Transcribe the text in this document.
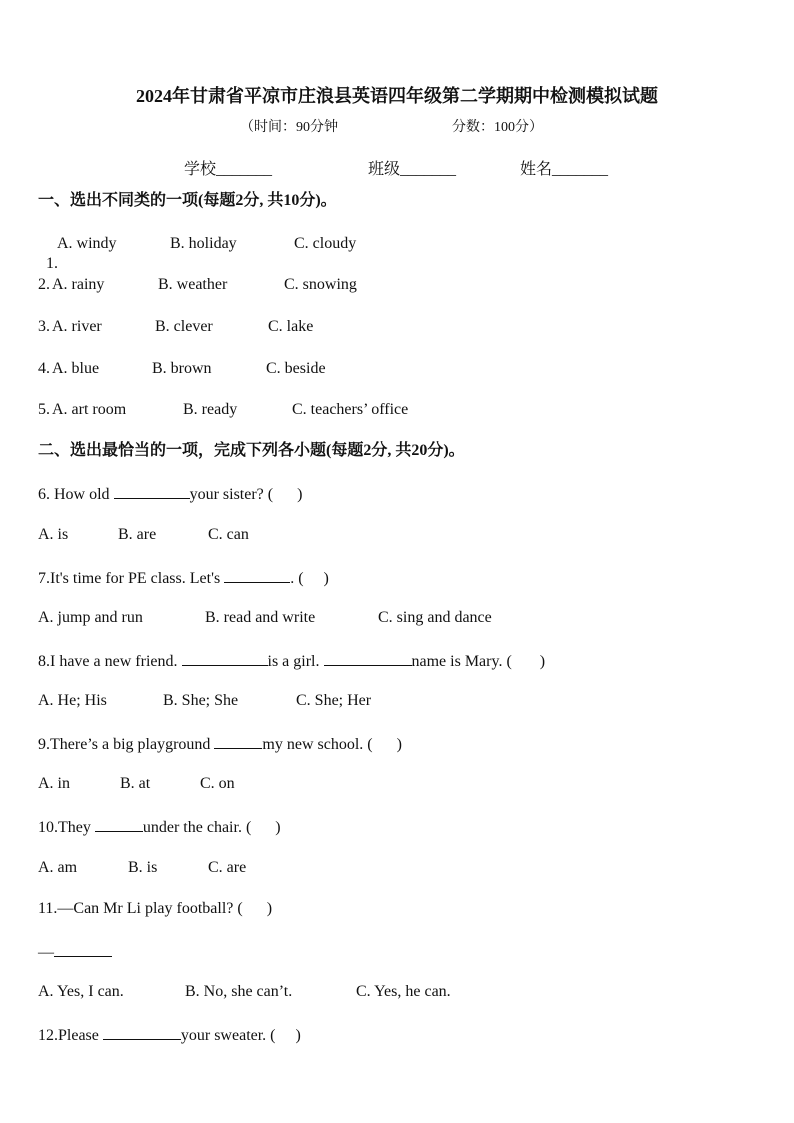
2024年甘肃省平凉市庄浪县英语四年级第二学期期中检测模拟试题
（时间：90分钟	分数：100分）
学校_______	班级_______	姓名_______
一、选出不同类的一项(每题2分, 共10分)。

1.

A. windy	B. holiday	C. cloudy
2. A. rainy	B. weather	C. snowing
3. A. river	B. clever	C. lake
4. A. blue	B. brown	C. beside
5. A. art room	B. ready	C. teachers’ office
二、选出最恰当的一项，完成下列各小题(每题2分, 共20分)。
6. How old	your sister? (      )
A. is	B. are	C. can
7.It's time for PE class. Let's	. (     )
A. jump and run	B. read and write	C. sing and dance
8.I have a new friend.	is a girl.	name is Mary. (       )
A. He; His	B. She; She	C. She; Her
9.There’s a big playground	my new school. (      )
A. in	B. at	C. on
10.They	under the chair. (      )
A. am	B. is	C. are
11.—Can Mr Li play football? (      )
—
A. Yes, I can.	B. No, she can’t.	C. Yes, he can.
12.Please	your sweater. (     )
